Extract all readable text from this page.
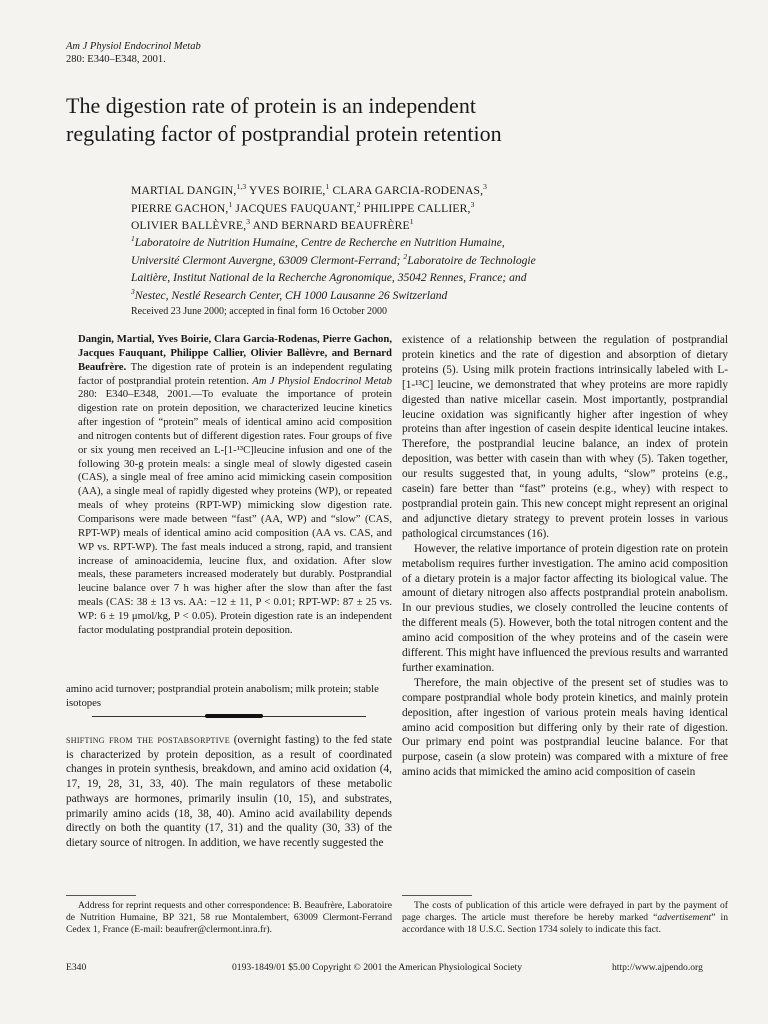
Am J Physiol Endocrinol Metab
280: E340–E348, 2001.
The digestion rate of protein is an independent
regulating factor of postprandial protein retention
MARTIAL DANGIN,$^{1,3}$ YVES BOIRIE,$^1$ CLARA GARCIA-RODENAS,$^3$
PIERRE GACHON,$^1$ JACQUES FAUQUANT,$^2$ PHILIPPE CALLIER,$^3$
OLIVIER BALLÈVRE,$^3$ AND BERNARD BEAUFRÈRE$^1$
$^1$Laboratoire de Nutrition Humaine, Centre de Recherche en Nutrition Humaine,
Université Clermont Auvergne, 63009 Clermont-Ferrand; $^2$Laboratoire de Technologie
Laitière, Institut National de la Recherche Agronomique, 35042 Rennes, France; and
$^3$Nestec, Nestlé Research Center, CH 1000 Lausanne 26 Switzerland
Received 23 June 2000; accepted in final form 16 October 2000

Dangin, Martial, Yves Boirie, Clara Garcia-Rodenas, Pierre Gachon, Jacques Fauquant, Philippe Callier, Olivier Ballèvre, and Bernard Beaufrère. The digestion rate of protein is an independent regulating factor of postprandial protein retention. Am J Physiol Endocrinol Metab 280: E340–E348, 2001.—To evaluate the importance of protein digestion rate on protein deposition, we characterized leucine kinetics after ingestion of “protein” meals of identical amino acid composition and nitrogen contents but of different digestion rates. Four groups of five or six young men received an L-[1-¹³C]leucine infusion and one of the following 30-g protein meals: a single meal of slowly digested casein (CAS), a single meal of free amino acid mimicking casein composition (AA), a single meal of rapidly digested whey proteins (WP), or repeated meals of whey proteins (RPT-WP) mimicking slow digestion rate. Comparisons were made between “fast” (AA, WP) and “slow” (CAS, RPT-WP) meals of identical amino acid composition (AA vs. CAS, and WP vs. RPT-WP). The fast meals induced a strong, rapid, and transient increase of aminoacidemia, leucine flux, and oxidation. After slow meals, these parameters increased moderately but durably. Postprandial leucine balance over 7 h was higher after the slow than after the fast meals (CAS: 38 ± 13 vs. AA: −12 ± 11, P < 0.01; RPT-WP: 87 ± 25 vs. WP: 6 ± 19 μmol/kg, P < 0.05). Protein digestion rate is an independent factor modulating postprandial protein deposition.

amino acid turnover; postprandial protein anabolism; milk protein; stable isotopes
shifting from the postabsorptive (overnight fasting) to the fed state is characterized by protein deposition, as a result of coordinated changes in protein synthesis, breakdown, and amino acid oxidation (4, 17, 19, 28, 31, 33, 40). The main regulators of these metabolic pathways are hormones, primarily insulin (10, 15), and substrates, primarily amino acids (18, 38, 40). Amino acid availability depends directly on both the quantity (17, 31) and the quality (30, 33) of the dietary source of nitrogen. In addition, we have recently suggested the

existence of a relationship between the regulation of postprandial protein kinetics and the rate of digestion and absorption of dietary proteins (5). Using milk protein fractions intrinsically labeled with L-[1-¹³C] leucine, we demonstrated that whey proteins are more rapidly digested than native micellar casein. Most importantly, postprandial leucine oxidation was significantly higher after ingestion of whey proteins than after ingestion of casein despite identical leucine intakes. Therefore, the postprandial leucine balance, an index of protein deposition, was better with casein than with whey (5). Taken together, our results suggested that, in young adults, “slow” proteins (e.g., casein) fare better than “fast” proteins (e.g., whey) with respect to postprandial protein gain. This new concept might represent an original and adjunctive dietary strategy to prevent protein losses in various pathological circumstances (16).

However, the relative importance of protein digestion rate on protein metabolism requires further investigation. The amino acid composition of a dietary protein is a major factor affecting its biological value. The amount of dietary nitrogen also affects postprandial protein anabolism. In our previous studies, we closely controlled the leucine contents of the different meals (5). However, both the total nitrogen content and the amino acid composition of the whey proteins and of the casein were different. This might have influenced the previous results and warranted further examination.

Therefore, the main objective of the present set of studies was to compare postprandial whole body protein kinetics, and mainly protein deposition, after ingestion of various protein meals having identical amino acid composition but differing only by their rate of digestion. Our primary end point was postprandial leucine balance. For that purpose, casein (a slow protein) was compared with a mixture of free amino acids that mimicked the amino acid composition of casein

Address for reprint requests and other correspondence: B. Beaufrère, Laboratoire de Nutrition Humaine, BP 321, 58 rue Montalembert, 63009 Clermont-Ferrand Cedex 1, France (E-mail: beaufrer@clermont.inra.fr).
The costs of publication of this article were defrayed in part by the payment of page charges. The article must therefore be hereby marked “advertisement” in accordance with 18 U.S.C. Section 1734 solely to indicate this fact.
E340	0193-1849/01 $5.00 Copyright © 2001 the American Physiological Society	http://www.ajpendo.org
